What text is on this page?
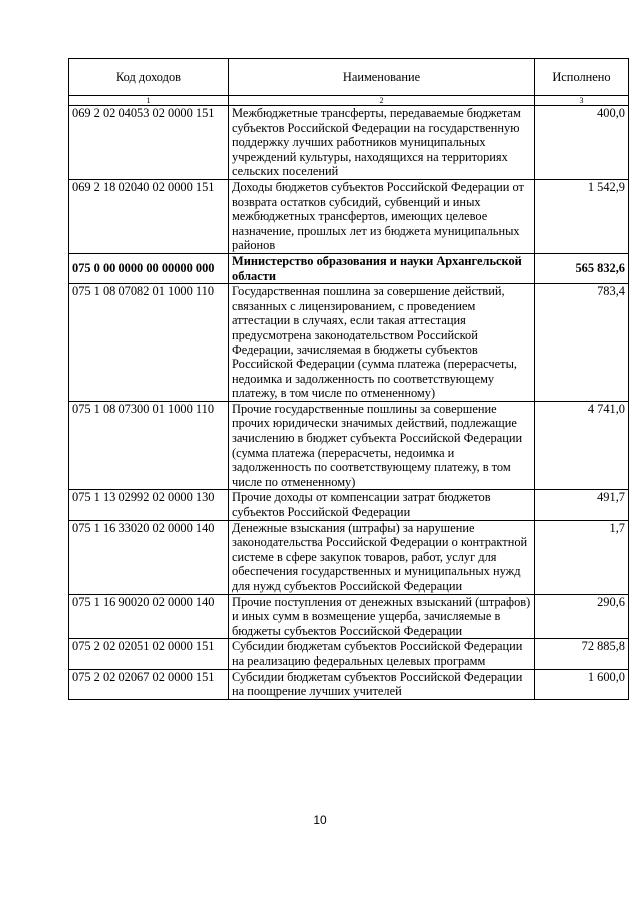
Код доходов	Наименование	Исполнено
1	2	3
069 2 02 04053 02 0000 151	Межбюджетные трансферты, передаваемые бюджетам субъектов Российской Федерации на государственную поддержку лучших работников муниципальных учреждений культуры, находящихся на территориях сельских поселений	400,0
069 2 18 02040 02 0000 151	Доходы бюджетов субъектов Российской Федерации от возврата остатков субсидий, субвенций и иных межбюджетных трансфертов, имеющих целевое назначение, прошлых лет из бюджета муниципальных районов	1 542,9
075 0 00 0000 00 00000 000	Министерство образования и науки Архангельской области	565 832,6
075 1 08 07082 01 1000 110	Государственная пошлина за совершение действий, связанных с лицензированием, с проведением аттестации в случаях, если такая аттестация предусмотрена законодательством Российской Федерации, зачисляемая в бюджеты субъектов Российской Федерации (сумма платежа (перерасчеты, недоимка и задолженность по соответствующему платежу, в том числе по отмененному)	783,4
075 1 08 07300 01 1000 110	Прочие государственные пошлины за совершение прочих юридически значимых действий, подлежащие зачислению в бюджет субъекта Российской Федерации (сумма платежа (перерасчеты, недоимка и задолженность по соответствующему платежу, в том числе по отмененному)	4 741,0
075 1 13 02992 02 0000 130	Прочие доходы от компенсации затрат бюджетов субъектов Российской Федерации	491,7
075 1 16 33020 02 0000 140	Денежные взыскания (штрафы) за нарушение законодательства Российской Федерации о контрактной системе в сфере закупок товаров, работ, услуг для обеспечения государственных и муниципальных нужд для нужд субъектов Российской Федерации	1,7
075 1 16 90020 02 0000 140	Прочие поступления от денежных взысканий (штрафов) и иных сумм в возмещение ущерба, зачисляемые в бюджеты субъектов Российской Федерации	290,6
075 2 02 02051 02 0000 151	Субсидии бюджетам субъектов Российской Федерации на реализацию федеральных целевых программ	72 885,8
075 2 02 02067 02 0000 151	Субсидии бюджетам субъектов Российской Федерации на поощрение лучших учителей	1 600,0
10
